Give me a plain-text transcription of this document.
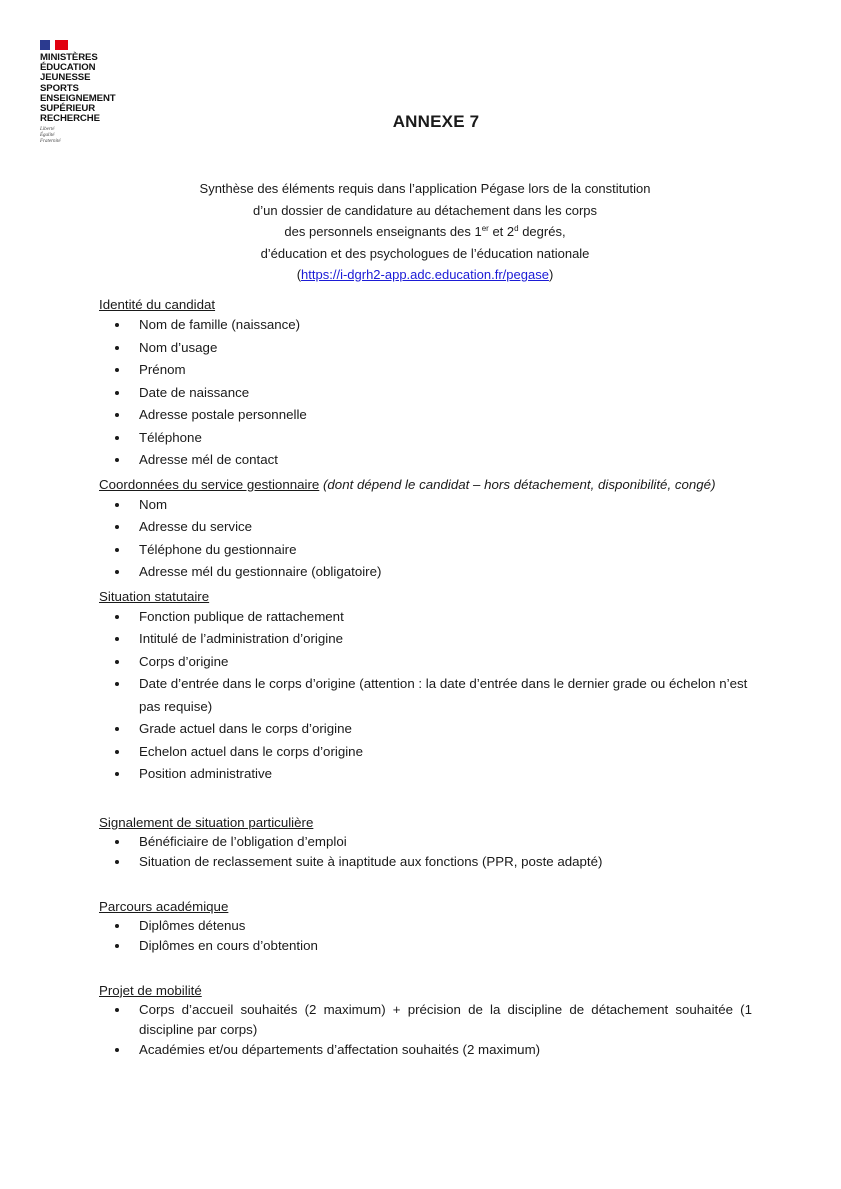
MINISTÈRES
ÉDUCATION
JEUNESSE
SPORTS
ENSEIGNEMENT
SUPÉRIEUR
RECHERCHE
Liberté
Égalité
Fraternité
ANNEXE 7
Synthèse des éléments requis dans l’application Pégase lors de la constitution
d’un dossier de candidature au détachement dans les corps
des personnels enseignants des 1er et 2$^d$ degrés,
d’éducation et des psychologues de l’éducation nationale
(https://i-dgrh2-app.adc.education.fr/pegase)
Identité du candidat
Nom de famille (naissance)
Nom d’usage
Prénom
Date de naissance
Adresse postale personnelle
Téléphone
Adresse mél de contact
Coordonnées du service gestionnaire (dont dépend le candidat – hors détachement, disponibilité, congé)
Nom
Adresse du service
Téléphone du gestionnaire
Adresse mél du gestionnaire (obligatoire)
Situation statutaire
Fonction publique de rattachement
Intitulé de l’administration d’origine
Corps d’origine
Date d’entrée dans le corps d’origine (attention : la date d’entrée dans le dernier grade ou échelon n’est pas requise)
Grade actuel dans le corps d’origine
Echelon actuel dans le corps d’origine
Position administrative
Signalement de situation particulière
Bénéficiaire de l’obligation d’emploi
Situation de reclassement suite à inaptitude aux fonctions (PPR, poste adapté)
Parcours académique
Diplômes détenus
Diplômes en cours d’obtention
Projet de mobilité
Corps d’accueil souhaités (2 maximum) + précision de la discipline de détachement souhaitée (1 discipline par corps)
Académies et/ou départements d’affectation souhaités (2 maximum)
